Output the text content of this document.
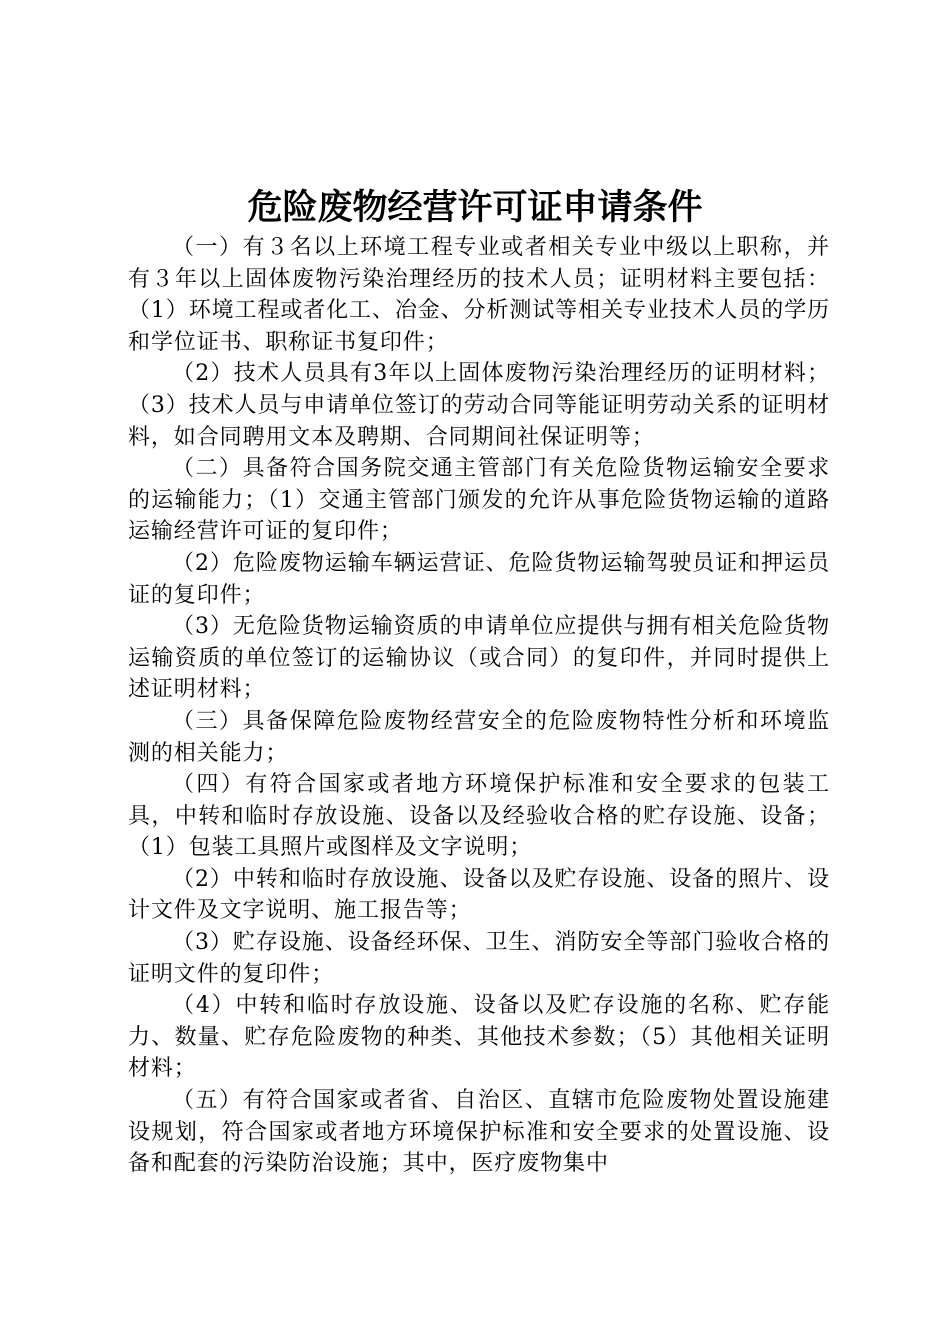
危险废物经营许可证申请条件

（一）有３名以上环境工程专业或者相关专业中级以上职称，并有３年以上固体废物污染治理经历的技术人员；证明材料主要包括：（1）环境工程或者化工、冶金、分析测试等相关专业技术人员的学历和学位证书、职称证书复印件；

（2）技术人员具有3年以上固体废物污染治理经历的证明材料；（3）技术人员与申请单位签订的劳动合同等能证明劳动关系的证明材料，如合同聘用文本及聘期、合同期间社保证明等；

（二）具备符合国务院交通主管部门有关危险货物运输安全要求的运输能力；（1）交通主管部门颁发的允许从事危险货物运输的道路运输经营许可证的复印件；

（2）危险废物运输车辆运营证、危险货物运输驾驶员证和押运员证的复印件；

（3）无危险货物运输资质的申请单位应提供与拥有相关危险货物运输资质的单位签订的运输协议（或合同）的复印件，并同时提供上述证明材料；

（三）具备保障危险废物经营安全的危险废物特性分析和环境监测的相关能力；

（四）有符合国家或者地方环境保护标准和安全要求的包装工具，中转和临时存放设施、设备以及经验收合格的贮存设施、设备；（1）包装工具照片或图样及文字说明；

（2）中转和临时存放设施、设备以及贮存设施、设备的照片、设计文件及文字说明、施工报告等；

（3）贮存设施、设备经环保、卫生、消防安全等部门验收合格的证明文件的复印件；

（4）中转和临时存放设施、设备以及贮存设施的名称、贮存能力、数量、贮存危险废物的种类、其他技术参数；（5）其他相关证明材料；

（五）有符合国家或者省、自治区、直辖市危险废物处置设施建设规划，符合国家或者地方环境保护标准和安全要求的处置设施、设备和配套的污染防治设施；其中，医疗废物集中
